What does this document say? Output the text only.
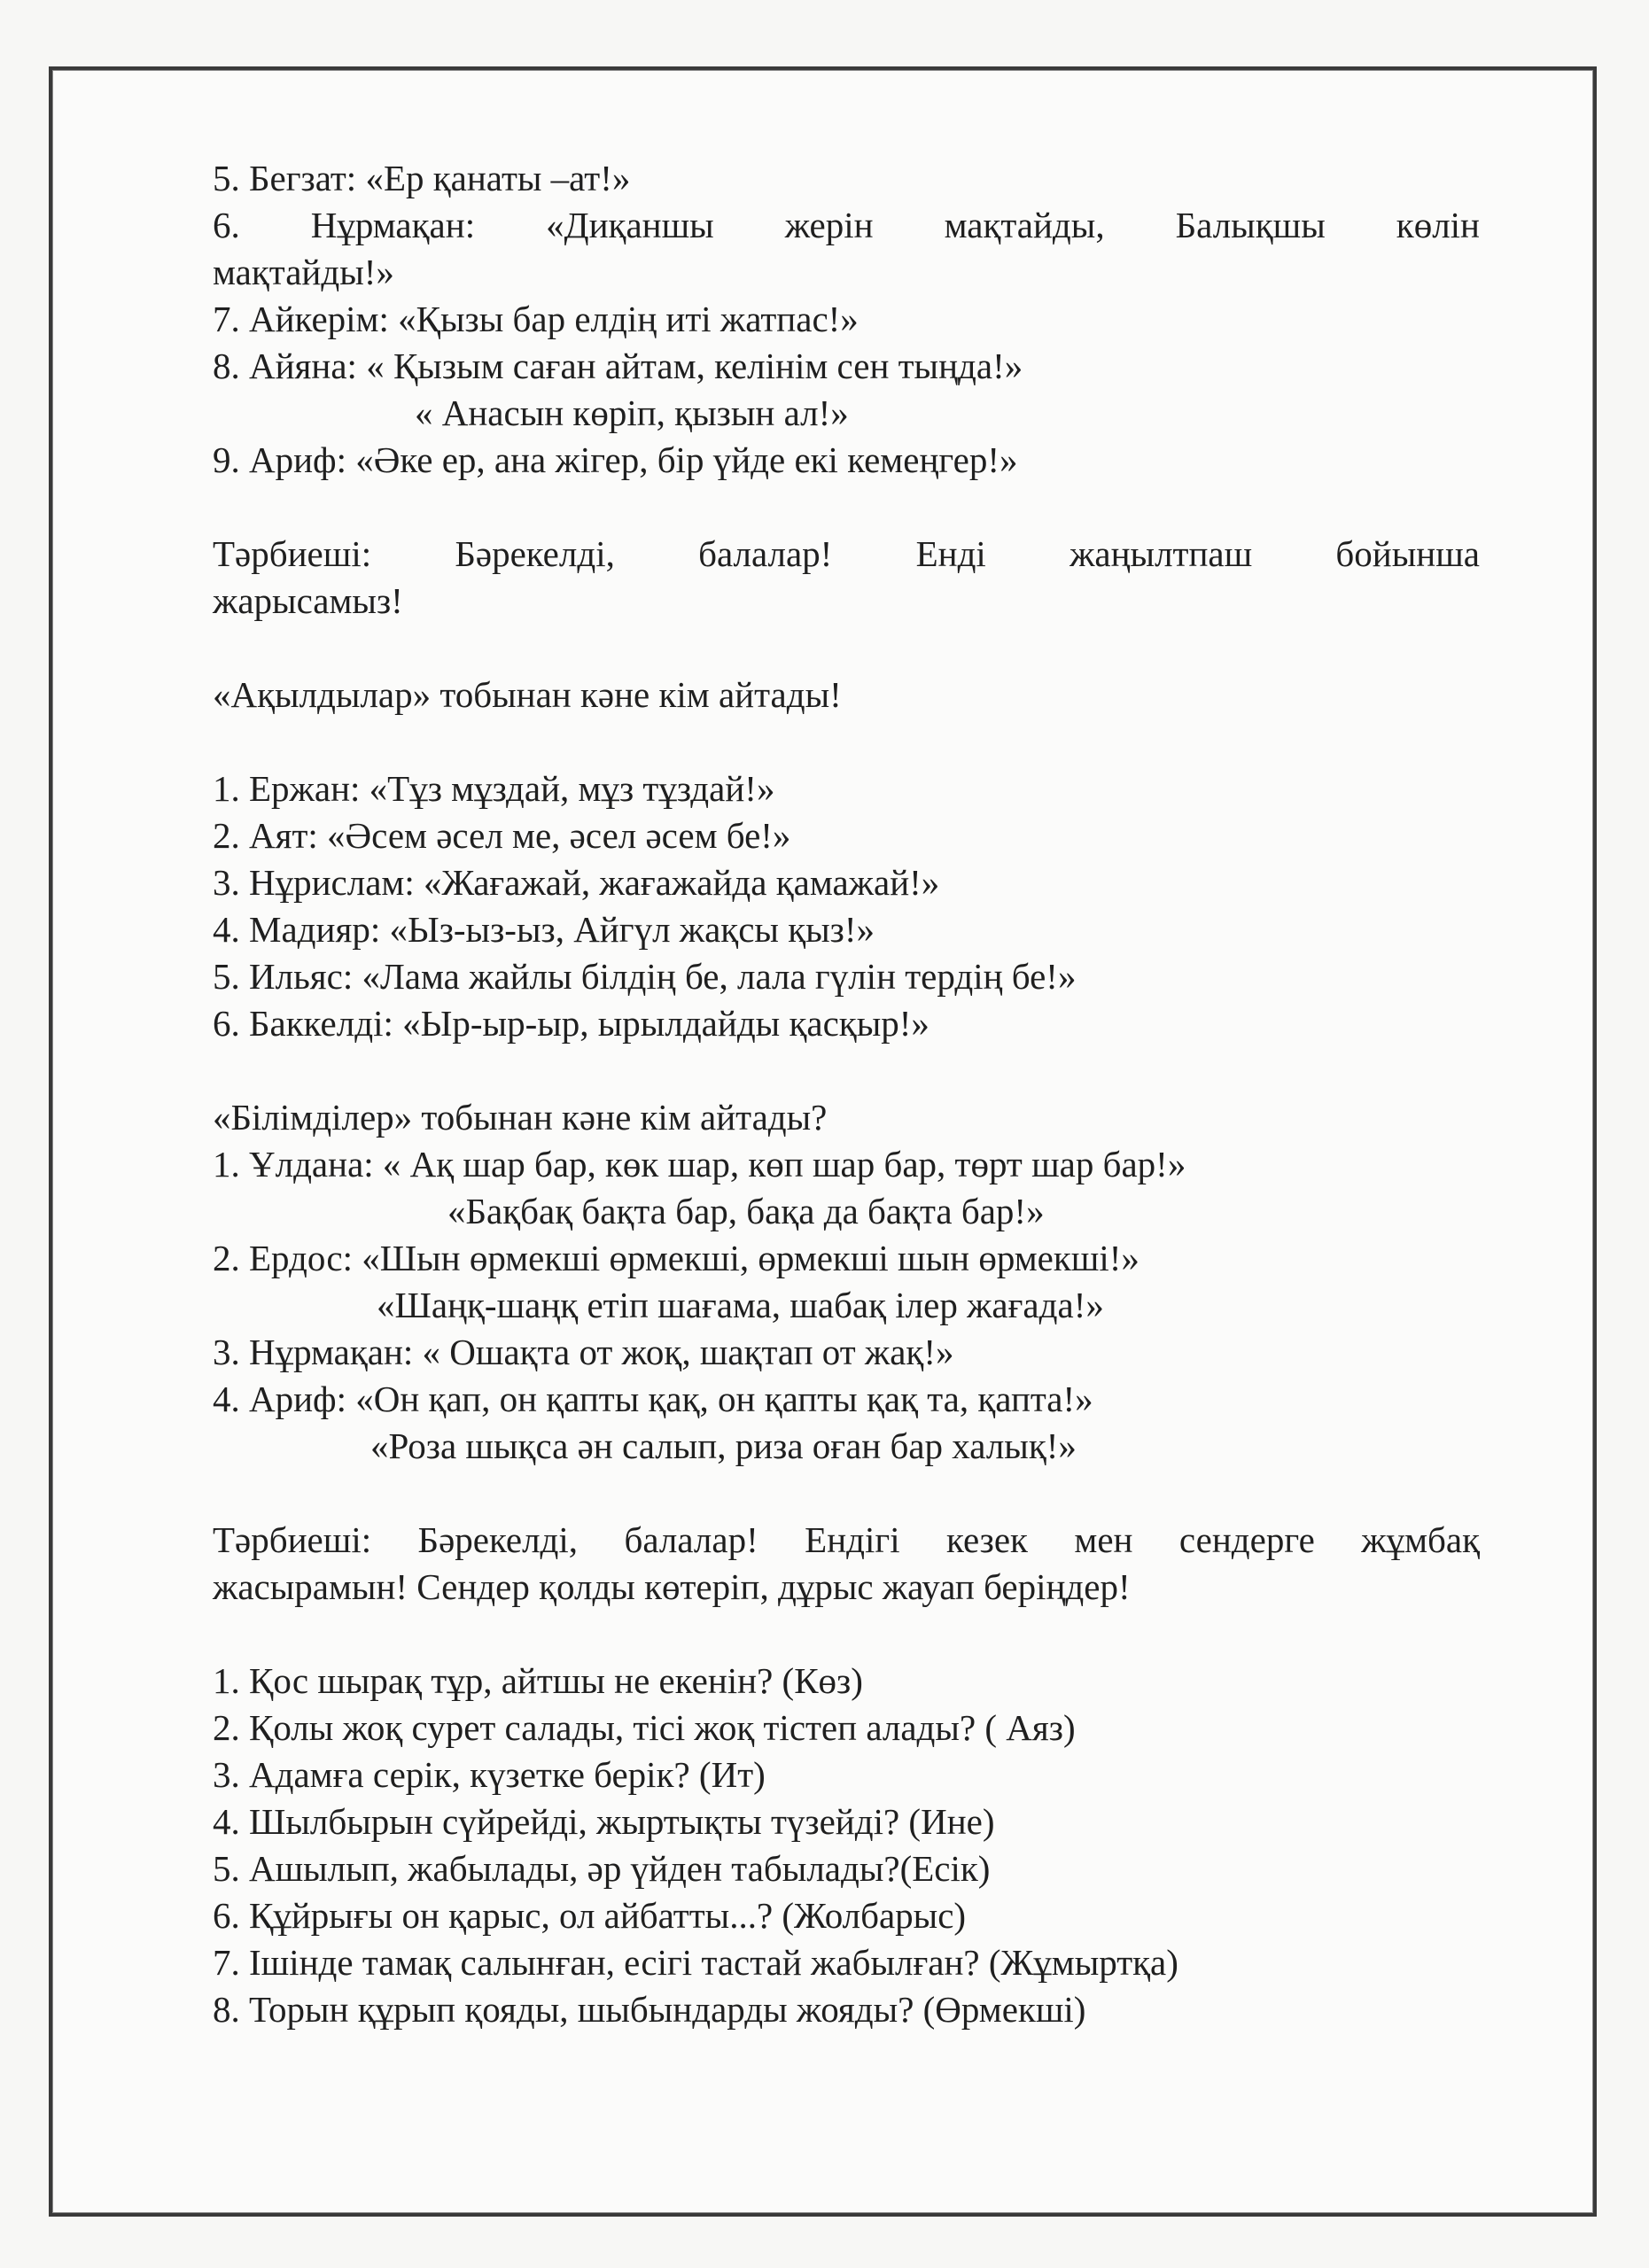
5. Бегзат: «Ер қанаты –ат!»
6. Нұрмақан: «Диқаншы жерін мақтайды, Балықшы көлін
мақтайды!»
7. Айкерім: «Қызы бар елдің иті жатпас!»
8. Айяна: « Қызым саған айтам, келінім сен тыңда!»
« Анасын көріп, қызын ал!»
9. Ариф: «Әке ер, ана жігер, бір үйде екі кемеңгер!»
Тәрбиеші: Бәрекелді, балалар! Енді жаңылтпаш бойынша
жарысамыз!
«Ақылдылар» тобынан кәне кім айтады!
1. Ержан: «Тұз мұздай, мұз тұздай!»
2. Аят: «Әсем әсел ме, әсел әсем бе!»
3. Нұрислам: «Жағажай, жағажайда қамажай!»
4. Мадияр: «Ыз-ыз-ыз, Айгүл жақсы қыз!»
5. Ильяс: «Лама жайлы білдің бе, лала гүлін тердің бе!»
6. Баккелді: «Ыр-ыр-ыр, ырылдайды қасқыр!»
«Білімділер» тобынан кәне кім айтады?
1. Ұлдана: « Ақ шар бар, көк шар, көп шар бар, төрт шар бар!»
«Бақбақ бақта бар, бақа да бақта бар!»
2. Ердос: «Шын өрмекші өрмекші, өрмекші шын өрмекші!»
«Шаңқ-шаңқ етіп шағама, шабақ ілер жағада!»
3. Нұрмақан: « Ошақта от жоқ, шақтап от жақ!»
4. Ариф: «Он қап, он қапты қақ, он қапты қақ та, қапта!»
«Роза шықса ән салып, риза оған бар халық!»
Тәрбиеші: Бәрекелді, балалар! Ендігі кезек мен сендерге жұмбақ
жасырамын! Сендер қолды көтеріп, дұрыс жауап беріңдер!
1. Қос шырақ тұр, айтшы не екенін? (Көз)
2. Қолы жоқ сурет салады, тісі жоқ тістеп алады? ( Аяз)
3. Адамға серік, күзетке берік? (Ит)
4. Шылбырын сүйрейді, жыртықты түзейді? (Ине)
5. Ашылып, жабылады, әр үйден табылады?(Есік)
6. Құйрығы он қарыс, ол айбатты...? (Жолбарыс)
7. Ішінде тамақ салынған, есігі тастай жабылған? (Жұмыртқа)
8. Торын құрып қояды, шыбындарды жояды? (Өрмекші)
